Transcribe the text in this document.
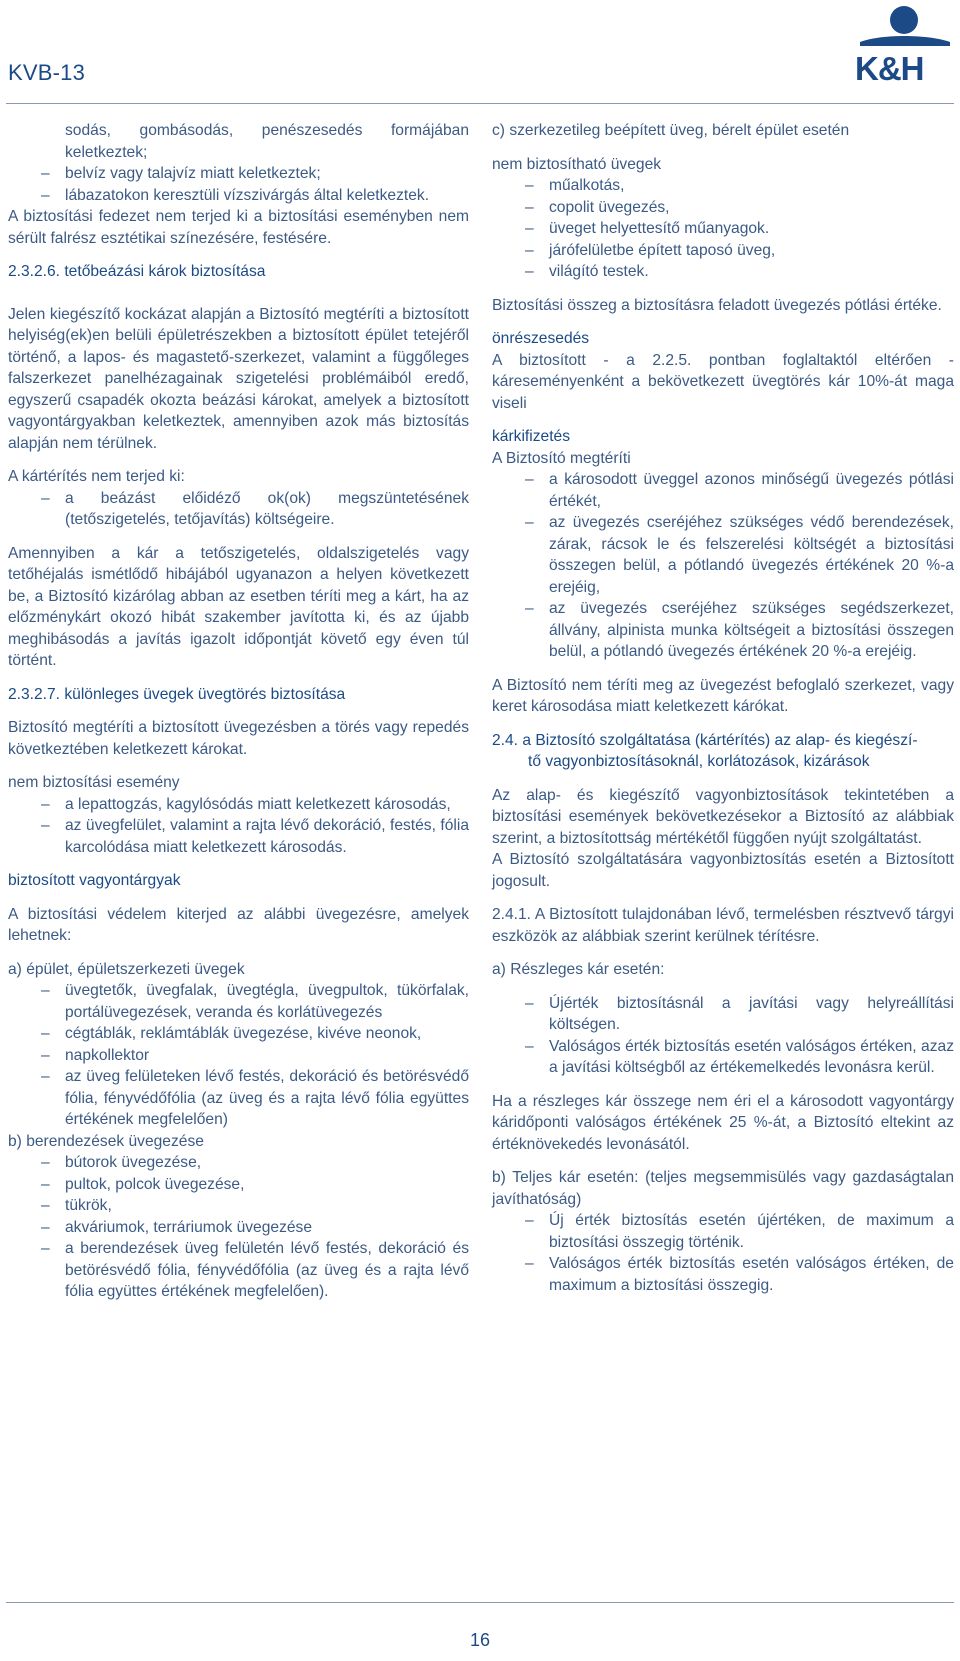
KVB-13	K&H

sodás, gombásodás, penészesedés formájában keletkeztek;

– belvíz vagy talajvíz miatt keletkeztek;
– lábazatokon keresztüli vízszivárgás által keletkeztek.

A biztosítási fedezet nem terjed ki a biztosítási eseményben nem sérült falrész esztétikai színezésére, festésére.

2.3.2.6. tetőbeázási károk biztosítása

Jelen kiegészítő kockázat alapján a Biztosító megtéríti a biztosított helyiség(ek)en belüli épületrészekben a biztosított épület tetejéről történő, a lapos- és magastető-szerkezet, valamint a függőleges falszerkezet panelhézagainak szigetelési problémáiból eredő, egyszerű csapadék okozta beázási károkat, amelyek a biztosított vagyontárgyakban keletkeztek, amennyiben azok más biztosítás alapján nem térülnek.

A kártérítés nem terjed ki:

– a beázást előidéző ok(ok) megszüntetésének (tetőszigetelés, tetőjavítás) költségeire.

Amennyiben a kár a tetőszigetelés, oldalszigetelés vagy tetőhéjalás ismétlődő hibájából ugyanazon a helyen következett be, a Biztosító kizárólag abban az esetben téríti meg a kárt, ha az előzménykárt okozó hibát szakember javította ki, és az újabb meghibásodás a javítás igazolt időpontját követő egy éven túl történt.

2.3.2.7. különleges üvegek üvegtörés biztosítása

Biztosító megtéríti a biztosított üvegezésben a törés vagy repedés következtében keletkezett károkat.

nem biztosítási esemény

– a lepattogzás, kagylósódás miatt keletkezett károsodás,
– az üvegfelület, valamint a rajta lévő dekoráció, festés, fólia karcolódása miatt keletkezett károsodás.

biztosított vagyontárgyak

A biztosítási védelem kiterjed az alábbi üvegezésre, amelyek lehetnek:

a) épület, épületszerkezeti üvegek

– üvegtetők, üvegfalak, üvegtégla, üvegpultok, tükörfalak, portálüvegezések, veranda és korlátüvegezés
– cégtáblák, reklámtáblák üvegezése, kivéve neonok,
– napkollektor
– az üveg felületeken lévő festés, dekoráció és betörésvédő fólia, fényvédőfólia (az üveg és a rajta lévő fólia együttes értékének megfelelően)

b) berendezések üvegezése

– bútorok üvegezése,
– pultok, polcok üvegezése,
– tükrök,
– akváriumok, terráriumok üvegezése
– a berendezések üveg felületén lévő festés, dekoráció és betörésvédő fólia, fényvédőfólia (az üveg és a rajta lévő fólia együttes értékének megfelelően).

c) szerkezetileg beépített üveg, bérelt épület esetén

nem biztosítható üvegek

– műalkotás,
– copolit üvegezés,
– üveget helyettesítő műanyagok.
– járófelületbe épített taposó üveg,
– világító testek.

Biztosítási összeg a biztosításra feladott üvegezés pótlási értéke.

önrészesedés

A biztosított - a 2.2.5. pontban foglaltaktól eltérően - káreseményenként a bekövetkezett üvegtörés kár 10%-át maga viseli

kárkifizetés

A Biztosító megtéríti

– a károsodott üveggel azonos minőségű üvegezés pótlási értékét,
– az üvegezés cseréjéhez szükséges védő berendezések, zárak, rácsok le és felszerelési költségét a biztosítási összegen belül, a pótlandó üvegezés értékének 20 %-a erejéig,
– az üvegezés cseréjéhez szükséges segédszerkezet, állvány, alpinista munka költségeit a biztosítási összegen belül, a pótlandó üvegezés értékének 20 %-a erejéig.

A Biztosító nem téríti meg az üvegezést befoglaló szerkezet, vagy keret károsodása miatt keletkezett kárókat.

2.4. a Biztosító szolgáltatása (kártérítés) az alap- és kiegészí-

tő vagyonbiztosításoknál, korlátozások, kizárások

Az alap- és kiegészítő vagyonbiztosítások tekintetében a biztosítási események bekövetkezésekor a Biztosító az alábbiak szerint, a biztosítottság mértékétől függően nyújt szolgáltatást.

A Biztosító szolgáltatására vagyonbiztosítás esetén a Biztosított jogosult.

2.4.1. A Biztosított tulajdonában lévő, termelésben résztvevő tárgyi eszközök az alábbiak szerint kerülnek térítésre.

a) Részleges kár esetén:

– Újérték biztosításnál a javítási vagy helyreállítási költségen.
– Valóságos érték biztosítás esetén valóságos értéken, azaz a javítási költségből az értékemelkedés levonásra kerül.

Ha a részleges kár összege nem éri el a károsodott vagyontárgy káridőponti valóságos értékének 25 %-át, a Biztosító eltekint az értéknövekedés levonásától.

b) Teljes kár esetén: (teljes megsemmisülés vagy gazdaságtalan javíthatóság)

– Új érték biztosítás esetén újértéken, de maximum a biztosítási összegig történik.
– Valóságos érték biztosítás esetén valóságos értéken, de maximum a biztosítási összegig.
16
